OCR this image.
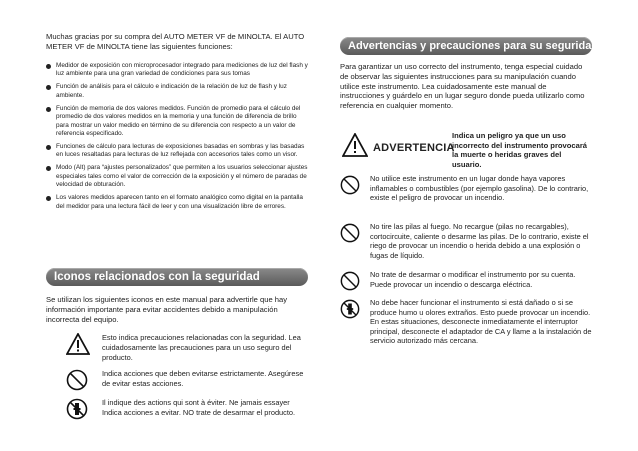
Muchas gracias por su compra del AUTO METER VF de MINOLTA. El AUTO METER VF de MINOLTA tiene las siguientes funciones:

Medidor de exposición con microprocesador integrado para mediciones de luz del flash y luz ambiente para una gran variedad de condiciones para sus tomas
Función de análisis para el cálculo e indicación de la relación de luz de flash y luz ambiente.
Función de memoria de dos valores medidos. Función de promedio para el cálculo del promedio de dos valores medidos en la memoria y una función de diferencia de brillo para mostrar un valor medido en término de su diferencia con respecto a un valor de referencia especificado.
Funciones de cálculo para lecturas de exposiciones basadas en sombras y las basadas en luces resaltadas para lecturas de luz reflejada con accesorios tales como un visor.
Modo (Alt) para “ajustes personalizados” que permiten a los usuarios seleccionar ajustes especiales tales como el valor de corrección de la exposición y el número de paradas de velocidad de obturación.
Los valores medidos aparecen tanto en el formato analógico como digital en la pantalla del medidor para una lectura fácil de leer y con una visualización libre de errores.
Iconos relacionados con la seguridad

Se utilizan los siguientes iconos en este manual para advertirle que hay información importante para evitar accidentes debido a manipulación incorrecta del equipo.

Esto indica precauciones relacionadas con la seguridad. Lea cuidadosamente las precauciones para un uso seguro del producto.

Indica acciones que deben evitarse estrictamente. Asegúrese de evitar estas acciones.

Il indique des actions qui sont à éviter. Ne jamais essayer Indica acciones a evitar. NO trate de desarmar el producto.

Advertencias y precauciones para su seguridad

Para garantizar un uso correcto del instrumento, tenga especial cuidado de observar las siguientes instrucciones para su manipulación cuando utilice este instrumento. Lea cuidadosamente este manual de instrucciones y guárdelo en un lugar seguro donde pueda utilizarlo como referencia en cualquier momento.

ADVERTENCIA

Indica un peligro ya que un uso incorrecto del instrumento provocará la muerte o heridas graves del usuario.

No utilice este instrumento en un lugar donde haya vapores inflamables o combustibles (por ejemplo gasolina). De lo contrario, existe el peligro de provocar un incendio.

No tire las pilas al fuego. No recargue (pilas no recargables), cortocircuite, caliente o desarme las pilas. De lo contrario, existe el riego de provocar un incendio o herida debido a una explosión o fugas de líquido.

No trate de desarmar o modificar el instrumento por su cuenta. Puede provocar un incendio o descarga eléctrica.

No debe hacer funcionar el instrumento si está dañado o si se produce humo u olores extraños. Esto puede provocar un incendio. En estas situaciones, desconecte inmediatamente el interruptor principal, desconecte el adaptador de CA y llame a la instalación de servicio autorizado más cercana.
